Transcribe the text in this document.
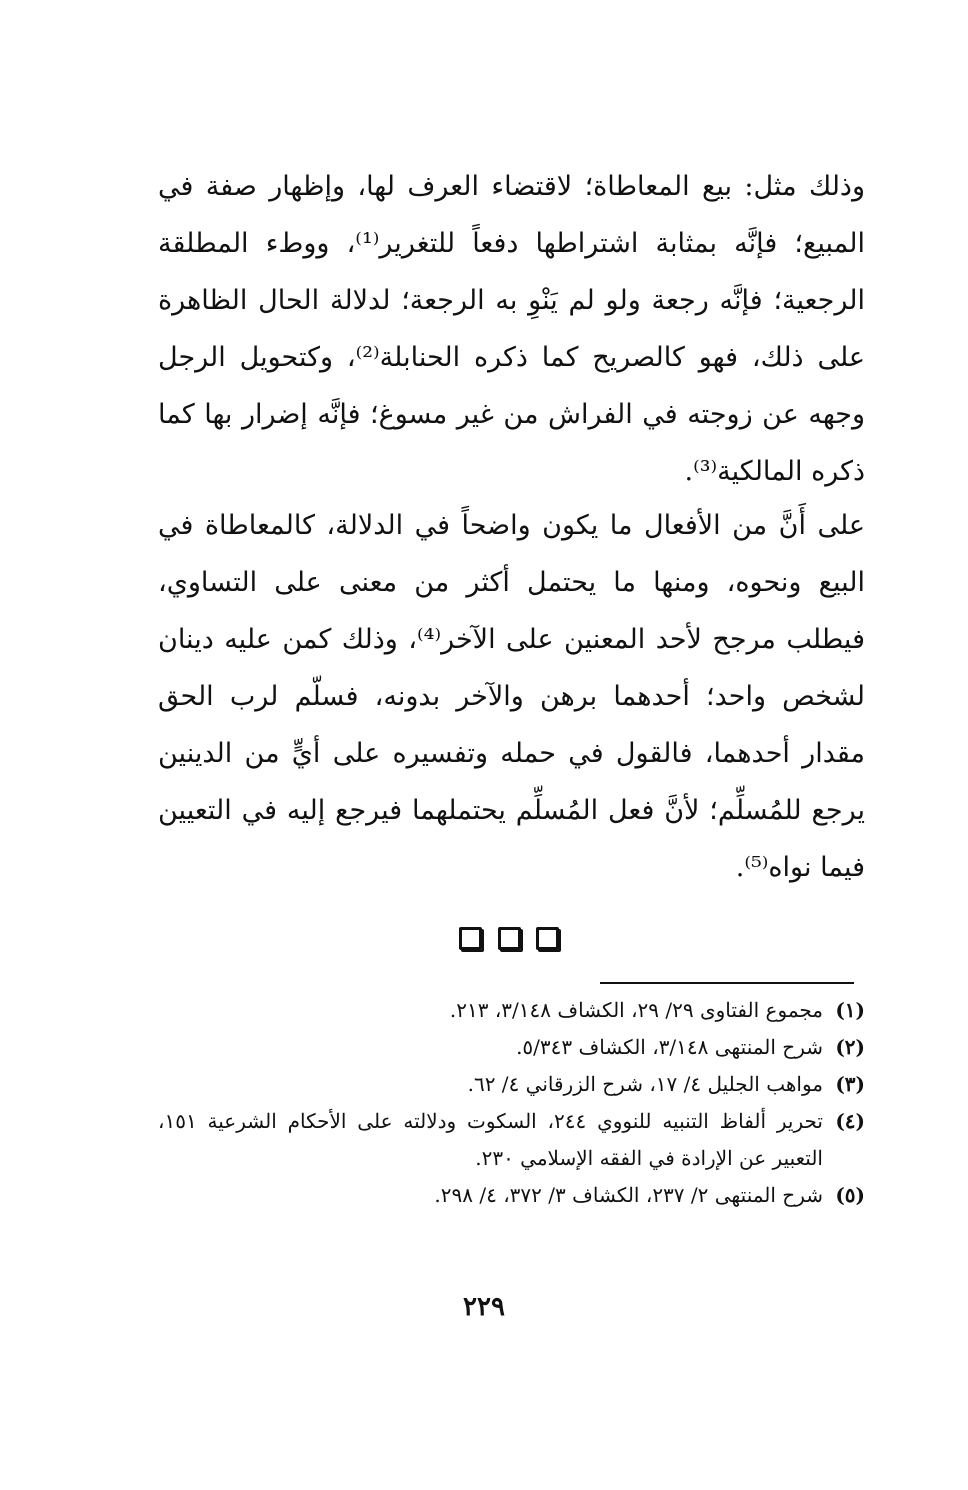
وذلك مثل: بيع المعاطاة؛ لاقتضاء العرف لها، وإظهار صفة في المبيع؛ فإنَّه بمثابة اشتراطها دفعاً للتغرير⁽¹⁾، ووطء المطلقة الرجعية؛ فإنَّه رجعة ولو لم يَنْوِ به الرجعة؛ لدلالة الحال الظاهرة على ذلك، فهو كالصريح كما ذكره الحنابلة⁽²⁾، وكتحويل الرجل وجهه عن زوجته في الفراش من غير مسوغ؛ فإنَّه إضرار بها كما ذكره المالكية⁽³⁾.

على أَنَّ من الأفعال ما يكون واضحاً في الدلالة، كالمعاطاة في البيع ونحوه، ومنها ما يحتمل أكثر من معنى على التساوي، فيطلب مرجح لأحد المعنين على الآخر⁽⁴⁾، وذلك كمن عليه دينان لشخص واحد؛ أحدهما برهن والآخر بدونه، فسلّم لرب الحق مقدار أحدهما، فالقول في حمله وتفسيره على أيٍّ من الدينين يرجع للمُسلِّم؛ لأنَّ فعل المُسلِّم يحتملهما فيرجع إليه في التعيين فيما نواه⁽⁵⁾.

(١)
مجموع الفتاوى ٢٩/ ٢٩، الكشاف ٣/١٤٨، ٢١٣.
(٢)
شرح المنتهى ٣/١٤٨، الكشاف ٥/٣٤٣.
(٣)
مواهب الجليل ٤/ ١٧، شرح الزرقاني ٤/ ٦٢.
(٤)
تحرير ألفاظ التنبيه للنووي ٢٤٤، السكوت ودلالته على الأحكام الشرعية ١٥١، التعبير عن الإرادة في الفقه الإسلامي ٢٣٠.
(٥)
شرح المنتهى ٢/ ٢٣٧، الكشاف ٣/ ٣٧٢، ٤/ ٢٩٨.
٢٢٩
